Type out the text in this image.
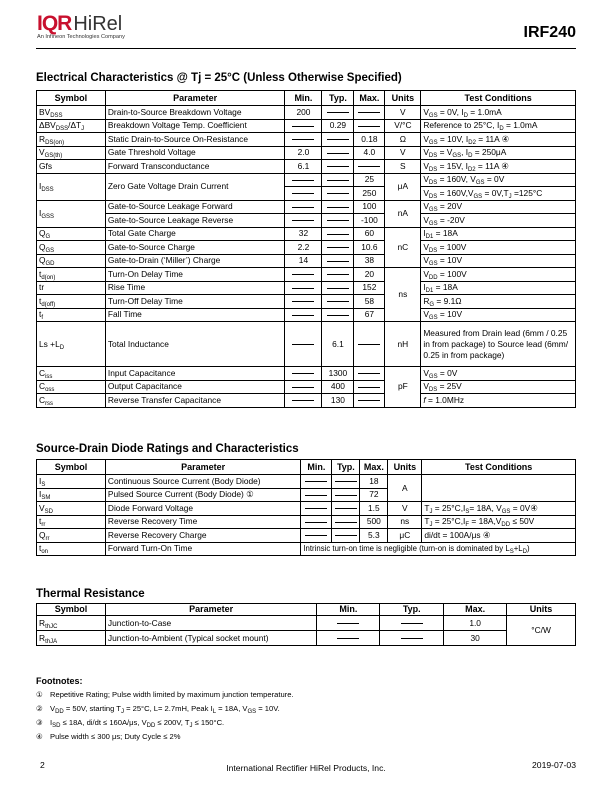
IQR HiRel
An Infineon Technologies Company	IRF240
Electrical Characteristics @ Tj = 25°C (Unless Otherwise Specified)
Symbol	Parameter	Min.	Typ.	Max.	Units	Test Conditions
$BV_{DSS}$	Drain-to-Source Breakdown Voltage	200			V	$V_{GS} = 0V$, $I_D = 1.0mA$
$\Delta BV_{DSS}/\Delta T_J$	Breakdown Voltage Temp. Coefficient		0.29		V/°C	Reference to 25°C, $I_D = 1.0mA$
$R_{DS(on)}$	Static Drain-to-Source On-Resistance			0.18	Ω	$V_{GS} = 10V$, $I_{D2} = 11A$ ④
$V_{GS(th)}$	Gate Threshold Voltage	2.0		4.0	V	$V_{DS} = V_{GS}$, $I_D = 250\mu A$
Gfs	Forward Transconductance	6.1			S	$V_{DS} = 15V$, $I_{D2} = 11A$ ④
$I_{DSS}$	Zero Gate Voltage Drain Current			25	μA	$V_{DS} = 160V$, $V_{GS} = 0V$
				250		$V_{DS} = 160V,V_{GS} = 0V,T_J =125^\circ C$
$I_{GSS}$	Gate-to-Source Leakage Forward			100	nA	$V_{GS} = 20V$
	Gate-to-Source Leakage Reverse			-100		$V_{GS} = -20V$
$Q_G$	Total Gate Charge	32		60	nC	$I_{D1} = 18A$
$Q_{GS}$	Gate-to-Source Charge	2.2		10.6		$V_{DS} = 100V$
$Q_{GD}$	Gate-to-Drain (‘Miller’) Charge	14		38		$V_{GS} = 10V$
$t_{d(on)}$	Turn-On Delay Time			20	ns	$V_{DD} = 100V$
tr	Rise Time			152		$I_{D1} = 18A$
$t_{d(off)}$	Turn-Off Delay Time			58		$R_G = 9.1\Omega$
$t_f$	Fall Time			67		$V_{GS} = 10V$
$Ls +L_D$	Total Inductance		6.1		nH	Measured from Drain lead (6mm / 0.25 in from package) to Source lead (6mm/ 0.25 in from package)
$C_{iss}$	Input Capacitance		1300		pF	$V_{GS} = 0V$
$C_{oss}$	Output Capacitance		400			$V_{DS} = 25V$
$C_{rss}$	Reverse Transfer Capacitance		130			f = 1.0MHz
Source-Drain Diode Ratings and Characteristics
Symbol	Parameter	Min.	Typ.	Max.	Units	Test Conditions
$I_S$	Continuous Source Current (Body Diode)			18	A	
$I_{SM}$	Pulsed Source Current (Body Diode) ①			72		
$V_{SD}$	Diode Forward Voltage			1.5	V	$T_J = 25^\circ C,I_S= 18A$, $V_{GS}$ = 0V④
$t_{rr}$	Reverse Recovery Time			500	ns	$T_J = 25^\circ C,I_F = 18A,V_{DD} \le 50V$
$Q_{rr}$	Reverse Recovery Charge			5.3	μC	di/dt = 100A/μs ④
$t_{on}$	Forward Turn-On Time	Intrinsic turn-on time is negligible (turn-on is dominated by $L_S+L_D$)				
Thermal Resistance
Symbol	Parameter	Min.	Typ.	Max.	Units
$R_{thJC}$	Junction-to-Case			1.0	°C/W
$R_{thJA}$	Junction-to-Ambient (Typical socket mount)			30	
Footnotes:
① Repetitive Rating; Pulse width limited by maximum junction temperature.
② $V_{DD} = 50V$, starting $T_J = 25^\circ C$, L= 2.7mH, Peak $I_L = 18A$, $V_{GS} = 10V$.
③ $I_{SD} \le 18A$, di/dt ≤ 160A/μs, $V_{DD} \le 200V$, $T_J \le 150^\circ C$.
④ Pulse width ≤ 300 μs; Duty Cycle ≤ 2%
2	International Rectifier HiRel Products, Inc.	2019-07-03
